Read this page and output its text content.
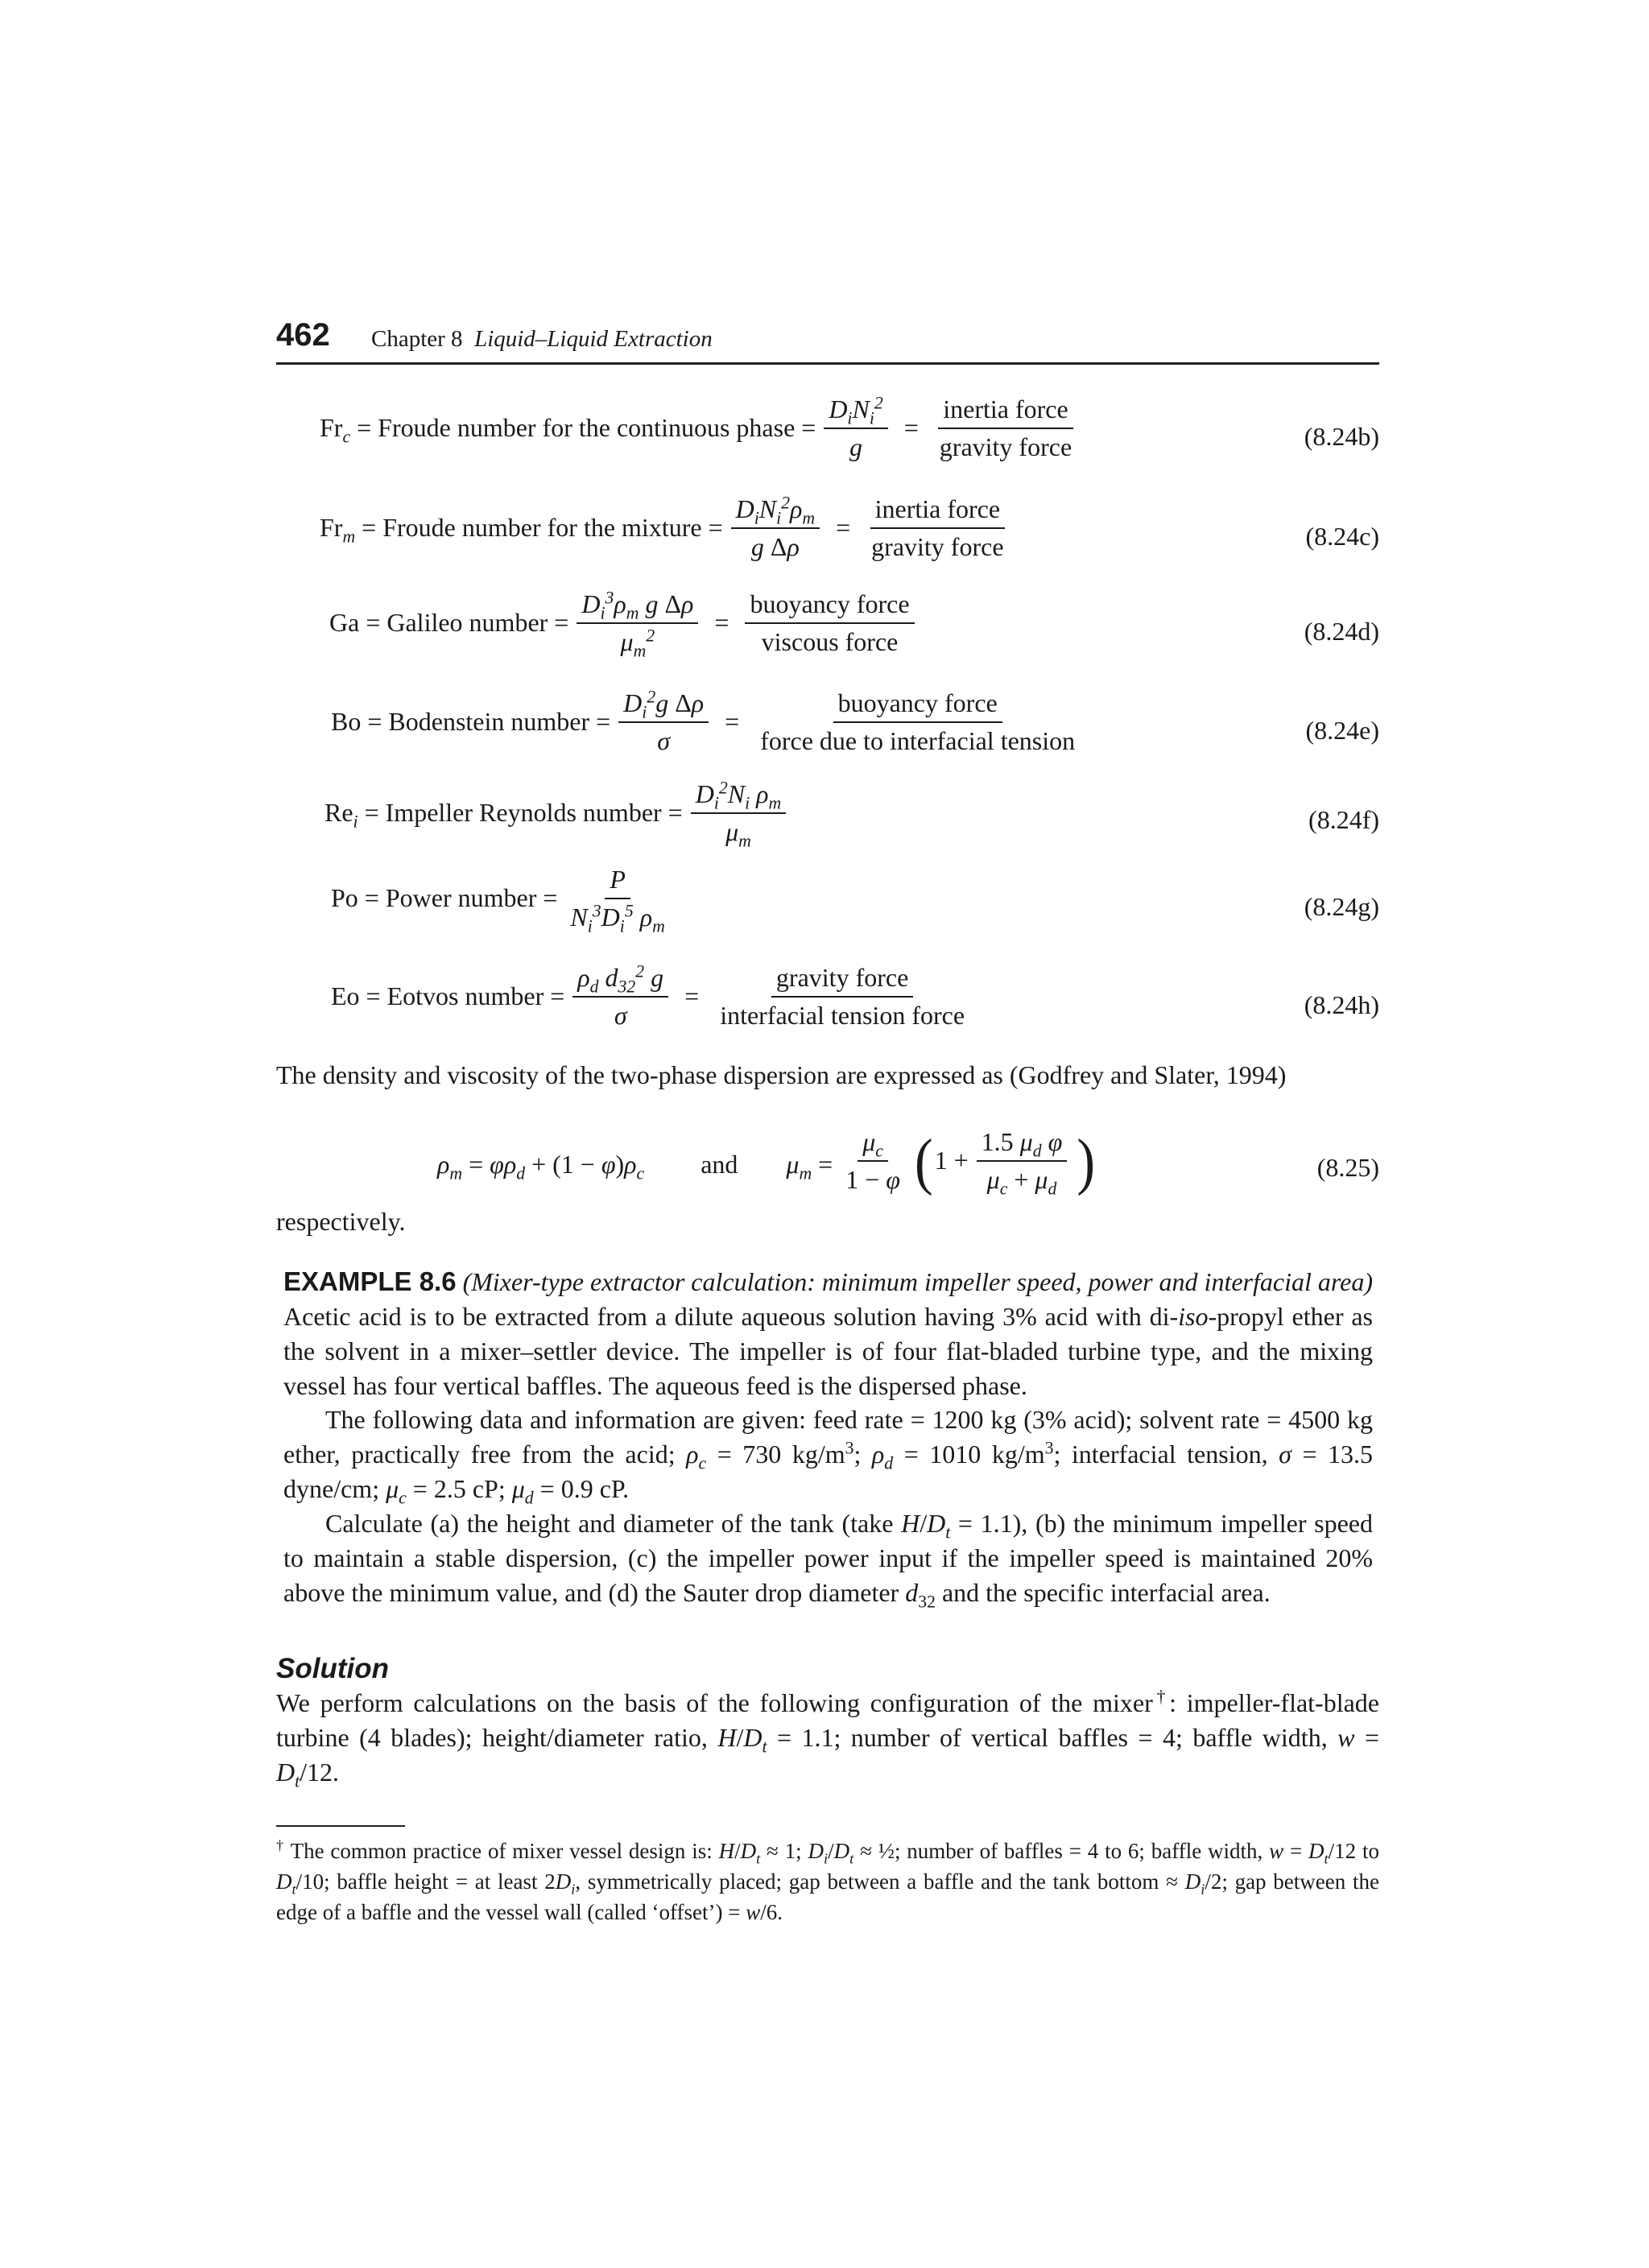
462 Chapter 8 Liquid–Liquid Extraction
$Fr_c$ = Froude number for the continuous phase = $\frac{D_iN_i^2}{g} = \frac{\text{inertia force}}{\text{gravity force}}$	(8.24b)
$Fr_m$ = Froude number for the mixture = $\frac{D_iN_i^2\rho_m}{\text{g Δρ}} = \frac{\text{inertia force}}{\text{gravity force}}$	(8.24c)
Ga = Galileo number = $\frac{D_i^3\rho_m g \Delta\rho}{\mu_m^2} = \frac{\text{buoyancy force}}{\text{viscous force}}$	(8.24d)
Bo = Bodenstein number = $\frac{D_i^2g \Delta\rho}{\sigma} = \frac{\text{buoyancy force}}{\text{force due to interfacial tension}}$	(8.24e)
$Re_i$ = Impeller Reynolds number = $\frac{D_i^2N_i \rho_m}{\mu_m}$	(8.24f)
Po = Power number = $\frac{P}{N_i^3D_i^5 \rho_m}$	(8.24g)
Eo = Eotvos number = $\frac{\rho_d d_{32}^2 g}{\sigma} = \frac{\text{gravity force}}{\text{interfacial tension force}}$	(8.24h)
The density and viscosity of the two-phase dispersion are expressed as (Godfrey and Slater, 1994)
$\rho_m = \varphi\rho_d + (1 - \varphi)\rho_c$ and $\mu_m = \frac{\mu_c}{1 - \varphi}$ ( $1 + \frac{1.5 \mu_d \varphi}{\mu_c + \mu_d}$ )	(8.25)
respectively.
EXAMPLE 8.6 (Mixer-type extractor calculation: minimum impeller speed, power and interfacial area) Acetic acid is to be extracted from a dilute aqueous solution having 3% acid with di-iso-propyl ether as the solvent in a mixer–settler device. The impeller is of four flat-bladed turbine type, and the mixing vessel has four vertical baffles. The aqueous feed is the dispersed phase.
The following data and information are given: feed rate = 1200 kg (3% acid); solvent rate = 4500 kg ether, practically free from the acid; $\rho_c = 730$ $kg/m^3$; $\rho_d = 1010$ $kg/m^3$; interfacial tension, σ = 13.5 dyne/cm; $\mu_c = 2.5$ cP; $\mu_d = 0.9$ cP.
Calculate (a) the height and diameter of the tank (take $H/D_t = 1.1$), (b) the minimum impeller speed to maintain a stable dispersion, (c) the impeller power input if the impeller speed is maintained 20% above the minimum value, and (d) the Sauter drop diameter $d_{32}$ and the specific interfacial area.
Solution
We perform calculations on the basis of the following configuration of the mixer†: impeller-flat-blade turbine (4 blades); height/diameter ratio, $H/D_t = 1.1$; number of vertical baffles = 4; baffle width, $w = D_t/12$.
† The common practice of mixer vessel design is: $H/D_t \approx 1$; $D_i/D_t$ ≈ ½; number of baffles = 4 to 6; baffle width, $w = D_t/12$ to $D_t/10$; baffle height = at least $2D_i$, symmetrically placed; gap between a baffle and the tank bottom ≈ $D_i/2$; gap between the edge of a baffle and the vessel wall (called ‘offset’) = w/6.
